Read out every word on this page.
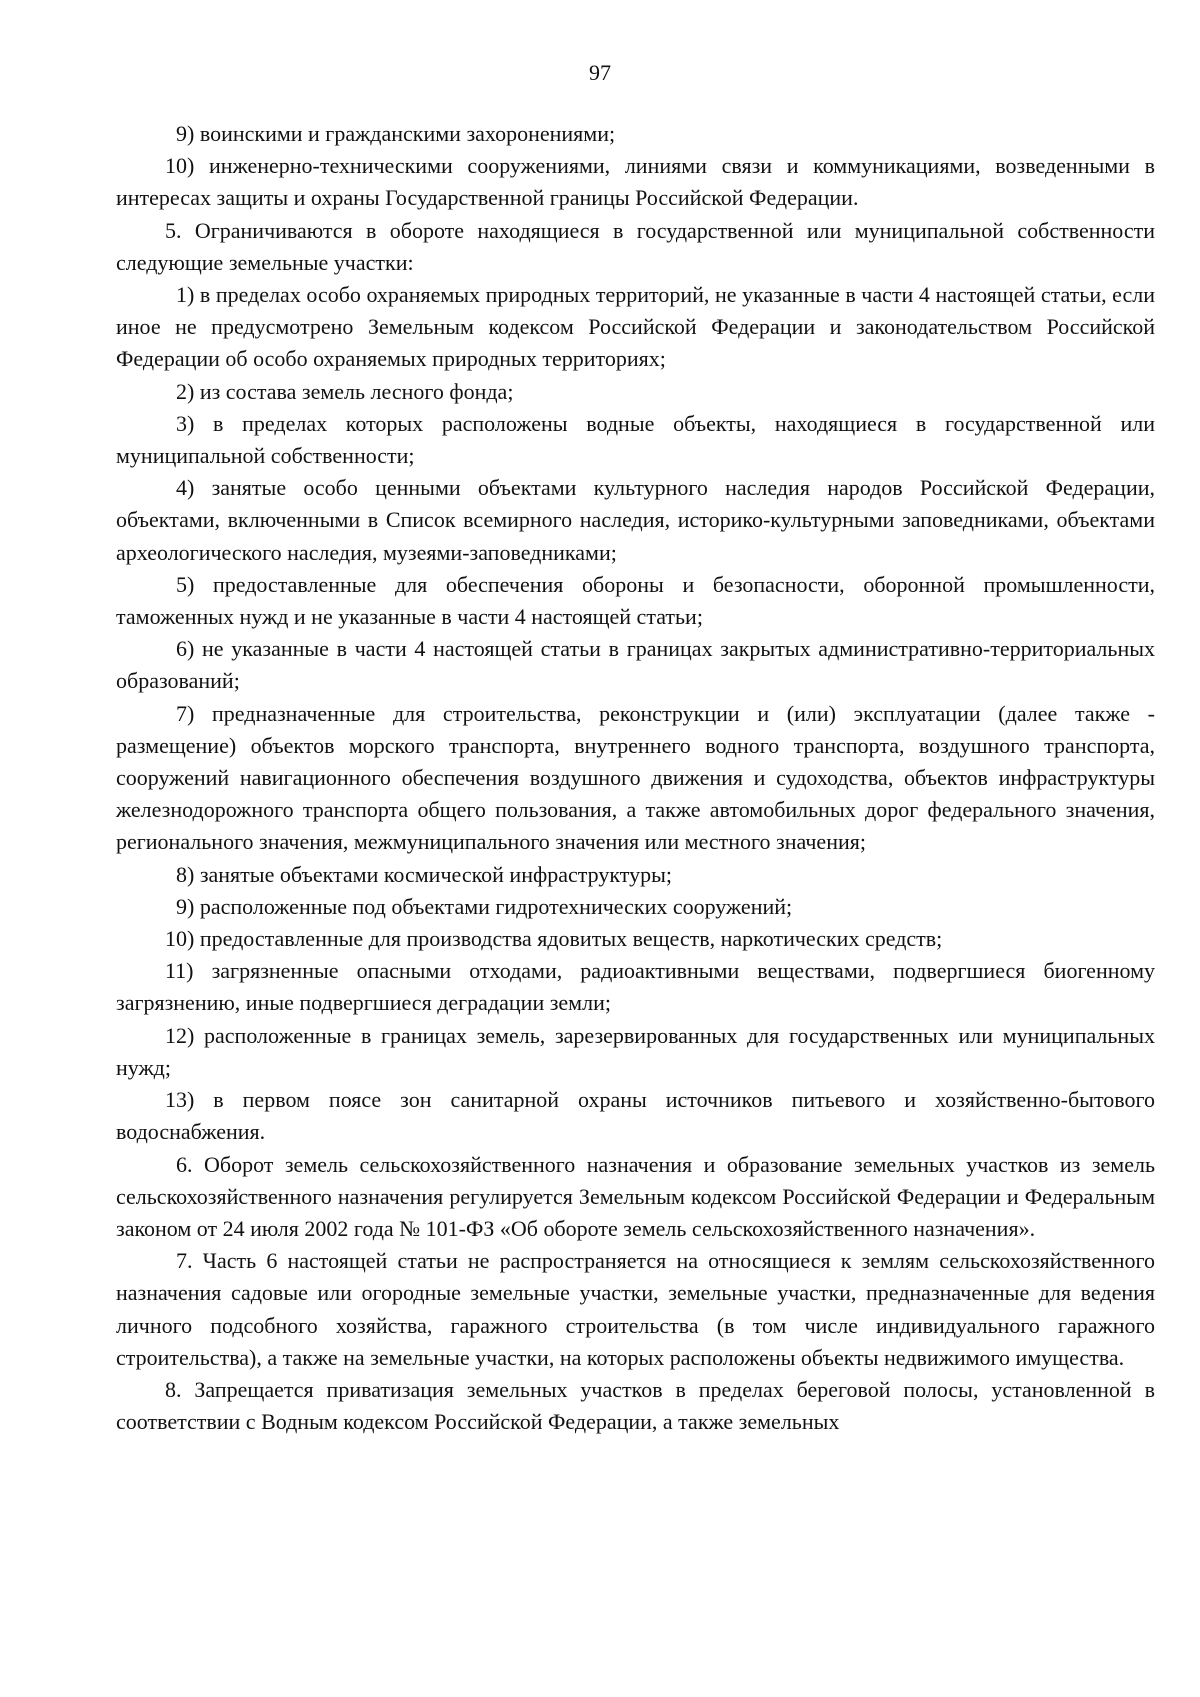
97

9) воинскими и гражданскими захоронениями;

10) инженерно-техническими сооружениями, линиями связи и коммуникациями, возведенными в интересах защиты и охраны Государственной границы Российской Федерации.

5. Ограничиваются в обороте находящиеся в государственной или муниципальной собственности следующие земельные участки:

1) в пределах особо охраняемых природных территорий, не указанные в части 4 настоящей статьи, если иное не предусмотрено Земельным кодексом Российской Федерации и законодательством Российской Федерации об особо охраняемых природных территориях;

2) из состава земель лесного фонда;

3) в пределах которых расположены водные объекты, находящиеся в государственной или муниципальной собственности;

4) занятые особо ценными объектами культурного наследия народов Российской Федерации, объектами, включенными в Список всемирного наследия, историко-культурными заповедниками, объектами археологического наследия, музеями-заповедниками;

5) предоставленные для обеспечения обороны и безопасности, оборонной промышленности, таможенных нужд и не указанные в части 4 настоящей статьи;

6) не указанные в части 4 настоящей статьи в границах закрытых административно-территориальных образований;

7) предназначенные для строительства, реконструкции и (или) эксплуатации (далее также - размещение) объектов морского транспорта, внутреннего водного транспорта, воздушного транспорта, сооружений навигационного обеспечения воздушного движения и судоходства, объектов инфраструктуры железнодорожного транспорта общего пользования, а также автомобильных дорог федерального значения, регионального значения, межмуниципального значения или местного значения;

8) занятые объектами космической инфраструктуры;

9) расположенные под объектами гидротехнических сооружений;

10) предоставленные для производства ядовитых веществ, наркотических средств;

11) загрязненные опасными отходами, радиоактивными веществами, подвергшиеся биогенному загрязнению, иные подвергшиеся деградации земли;

12) расположенные в границах земель, зарезервированных для государственных или муниципальных нужд;

13) в первом поясе зон санитарной охраны источников питьевого и хозяйственно-бытового водоснабжения.

6. Оборот земель сельскохозяйственного назначения и образование земельных участков из земель сельскохозяйственного назначения регулируется Земельным кодексом Российской Федерации и Федеральным законом от 24 июля 2002 года № 101-ФЗ «Об обороте земель сельскохозяйственного назначения».

7. Часть 6 настоящей статьи не распространяется на относящиеся к землям сельскохозяйственного назначения садовые или огородные земельные участки, земельные участки, предназначенные для ведения личного подсобного хозяйства, гаражного строительства (в том числе индивидуального гаражного строительства), а также на земельные участки, на которых расположены объекты недвижимого имущества.

8. Запрещается приватизация земельных участков в пределах береговой полосы, установленной в соответствии с Водным кодексом Российской Федерации, а также земельных
